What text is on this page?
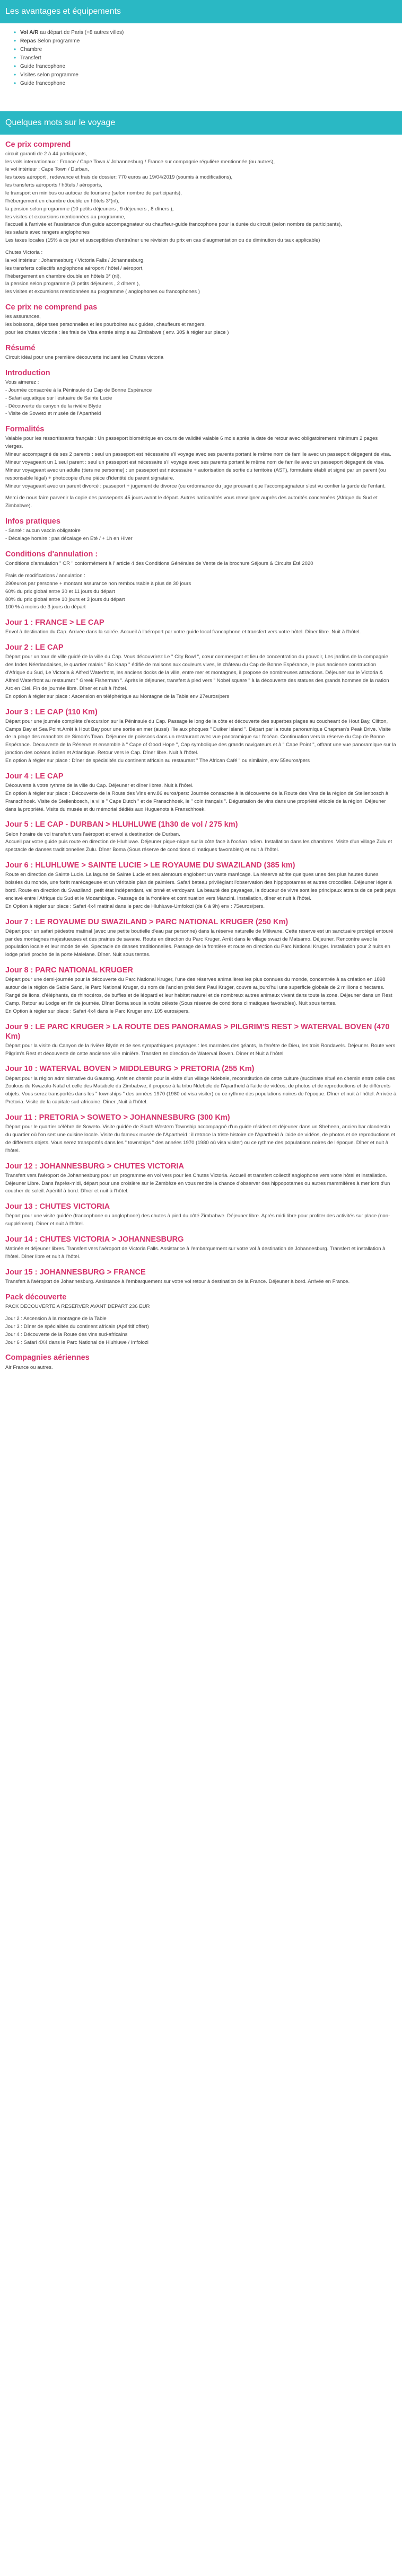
Les avantages et équipements
• Vol A/R au départ de Paris (+8 autres villes)
• Repas Selon programme
• Chambre
• Transfert
• Guide francophone
• Visites selon programme
• Guide francophone
Quelques mots sur le voyage
Ce prix comprend

circuit garanti de 2 à 44 participants,
les vols internationaux : France / Cape Town // Johannesburg / France sur compagnie régulière mentionnée (ou autres),
le vol intérieur : Cape Town / Durban,
les taxes aéroport , redevance et frais de dossier: 770 euros au 19/04/2019 (soumis à modifications),
les transferts aéroports / hôtels / aéroports,
le transport en minibus ou autocar de tourisme (selon nombre de participants),
l'hébergement en chambre double en hôtels 3*(nl),
la pension selon programme (10 petits déjeuners , 9 déjeuners , 8 dîners ),
les visites et excursions mentionnées au programme,
l'accueil à l'arrivée et l'assistance d'un guide accompagnateur ou chauffeur-guide francophone pour la durée du circuit (selon nombre de participants),
les safaris avec rangers anglophones
Les taxes locales (15% à ce jour et susceptibles d'entraîner une révision du prix en cas d'augmentation ou de diminution du taux applicable)

Chutes Victoria :
la vol intérieur : Johannesburg / Victoria Falls / Johannesburg,
les transferts collectifs anglophone aéroport / hôtel / aéroport,
l'hébergement en chambre double en hôtels 3* (nl),
la pension selon programme (3 petits déjeuners , 2 dîners ),
les visites et excursions mentionnées au programme ( anglophones ou francophones )

Ce prix ne comprend pas

les assurances,
les boissons, dépenses personnelles et les pourboires aux guides, chauffeurs et rangers,
pour les chutes victoria : les frais de Visa entrée simple au Zimbabwe ( env. 30$ à régler sur place )

Résumé

Circuit idéal pour une première découverte incluant les Chutes victoria

Introduction

Vous aimerez :
- Journée consacrée à la Péninsule du Cap de Bonne Espérance
- Safari aquatique sur l'estuaire de Sainte Lucie
- Découverte du canyon de la rivière Blyde
- Visite de Soweto et musée de l'Apartheid

Formalités

Valable pour les ressortissants français : Un passeport biométrique en cours de validité valable 6 mois après la date de retour avec obligatoirement minimum 2 pages vierges.
Mineur accompagné de ses 2 parents : seul un passeport est nécessaire s'il voyage avec ses parents portant le même nom de famille avec un passeport dégagent de visa.
Mineur voyageant un 1 seul parent : seul un passeport est nécessaire s'il voyage avec ses parents portant le même nom de famille avec un passeport dégagent de visa.
Mineur voyageant avec un adulte (tiers ne personne) : un passeport est nécessaire + autorisation de sortie du territoire (AST), formulaire établi et signé par un parent (ou responsable légal) + photocopie d'une pièce d'identité du parent signataire.
Mineur voyageant avec un parent divorcé : passeport + jugement de divorce (ou ordonnance du juge prouvant que l'accompagnateur s'est vu confier la garde de l'enfant.

Merci de nous faire parvenir la copie des passeports 45 jours avant le départ. Autres nationalités vous renseigner auprès des autorités concernées (Afrique du Sud et Zimbabwe).

Infos pratiques

- Santé : aucun vaccin obligatoire
- Décalage horaire : pas décalage en Été / + 1h en Hiver

Conditions d'annulation :

Conditions d'annulation " CR " conformément à l' article 4 des Conditions Générales de Vente de la brochure Séjours & Circuits Été 2020

Frais de modifications / annulation :
290euros par personne + montant assurance non remboursable à plus de 30 jours
60% du prix global entre 30 et 11 jours du départ
80% du prix global entre 10 jours et 3 jours du départ
100 % à moins de 3 jours du départ

Jour 1 : FRANCE > LE CAP

Envol à destination du Cap. Arrivée dans la soirée. Accueil à l'aéroport par votre guide local francophone et transfert vers votre hôtel. Dîner libre. Nuit à l'hôtel.

Jour 2 : LE CAP

Départ pour un tour de ville guidé de la ville du Cap. Vous découvrirez Le " City Bowl ", cœur commerçant et lieu de concentration du pouvoir, Les jardins de la compagnie des Indes Néerlandaises, le quartier malais " Bo Kaap " édifié de maisons aux couleurs vives, le château du Cap de Bonne Espérance, le plus ancienne construction d'Afrique du Sud, Le Victoria & Alfred Waterfront, les anciens docks de la ville, entre mer et montagnes, il propose de nombreuses attractions. Déjeuner sur le Victoria & Alfred Waterfront au restaurant " Greek Fisherman ". Après le déjeuner, transfert à pied vers " Nobel square " à la découverte des statues des grands hommes de la nation Arc en Ciel. Fin de journée libre. Dîner et nuit à l'hôtel.
En option à régler sur place : Ascension en téléphérique au Montagne de la Table env 27euros/pers

Jour 3 : LE CAP (110 Km)

Départ pour une journée complète d'excursion sur la Péninsule du Cap. Passage le long de la côte et découverte des superbes plages au coucheant de Hout Bay, Clifton, Camps Bay et Sea Point.Arrêt à Hout Bay pour une sortie en mer (aussi) l'île aux phoques " Duiker Island ". Départ par la route panoramique Chapman's Peak Drive. Visite de la plage des manchots de Simon's Town. Déjeuner de poissons dans un restaurant avec vue panoramique sur l'océan. Continuation vers la réserve du Cap de Bonne Espérance. Découverte de la Réserve et ensemble à " Cape of Good Hope ", Cap symbolique des grands navigateurs et à " Cape Point ", offrant une vue panoramique sur la jonction des océans indien et Atlantique. Retour vers le Cap. Dîner libre. Nuit à l'hôtel.
En option à régler sur place : Dîner de spécialités du continent africain au restaurant " The African Café " ou similaire, env 55euros/pers

Jour 4 : LE CAP

Découverte à votre rythme de la ville du Cap. Déjeuner et dîner libres. Nuit à l'hôtel.
En option à régler sur place : Découverte de la Route des Vins env.86 euros/pers: Journée consacrée à la découverte de la Route des Vins de la région de Stellenbosch à Franschhoek. Visite de Stellenbosch, la ville " Cape Dutch " et de Franschhoek, le " coin français ". Dégustation de vins dans une propriété viticole de la région. Déjeuner dans la propriété. Visite du musée et du mémorial dédiés aux Huguenots à Franschhoek.

Jour 5 : LE CAP - DURBAN > HLUHLUWE (1h30 de vol / 275 km)

Selon horaire de vol transfert vers l'aéroport et envol à destination de Durban.
Accueil par votre guide puis route en direction de Hluhluwe. Déjeuner pique-nique sur la côte face à l'océan indien. Installation dans les chambres. Visite d'un village Zulu et spectacle de danses traditionnelles Zulu. Dîner Boma (Sous réserve de conditions climatiques favorables) et nuit à l'hôtel.

Jour 6 : HLUHLUWE > SAINTE LUCIE > LE ROYAUME DU SWAZILAND (385 km)

Route en direction de Sainte Lucie. La lagune de Sainte Lucie et ses alentours englobent un vaste marécage. La réserve abrite quelques unes des plus hautes dunes boisées du monde, une forêt marécageuse et un véritable plan de palmiers. Safari bateau privilégiant l'observation des hippopotames et autres crocodiles. Déjeuner léger à bord. Route en direction du Swaziland, petit état indépendant, vallonné et verdoyant. La beauté des paysages, la douceur de vivre sont les principaux attraits de ce petit pays enclavé entre l'Afrique du Sud et le Mozambique. Passage de la frontière et continuation vers Manzini. Installation, dîner et nuit à l'hôtel.
En Option à régler sur place : Safari 4x4 matinal dans le parc de Hluhluwe-Umfolozi (de 6 à 9h) env : 75euros/pers.

Jour 7 : LE ROYAUME DU SWAZILAND > PARC NATIONAL KRUGER (250 Km)

Départ pour un safari pédestre matinal (avec une petite boutielle d'eau par personne) dans la réserve naturelle de Mlilwane. Cette réserve est un sanctuaire protégé entouré par des montagnes majestueuses et des prairies de savane. Route en direction du Parc Kruger. Arrêt dans le village swazi de Matsamo. Déjeuner. Rencontre avec la population locale et leur mode de vie. Spectacle de danses traditionnelles. Passage de la frontière et route en direction du Parc National Kruger. Installation pour 2 nuits en lodge privé proche de la porte Malelane. Dîner. Nuit sous tentes.

Jour 8 : PARC NATIONAL KRUGER

Départ pour une demi-journée pour la découverte du Parc National Kruger, l'une des réserves animalières les plus connues du monde, concentrée à sa création en 1898 autour de la région de Sabie Sand, le Parc National Kruger, du nom de l'ancien président Paul Kruger, couvre aujourd'hui une superficie globale de 2 millions d'hectares. Rangé de lions, d'éléphants, de rhinocéros, de buffles et de léopard et leur habitat naturel et de nombreux autres animaux vivant dans toute la zone. Déjeuner dans un Rest Camp. Retour au Lodge en fin de journée. Dîner Boma sous la voûte céleste (Sous réserve de conditions climatiques favorables). Nuit sous tentes.
En Option à régler sur place : Safari 4x4 dans le Parc Kruger env. 105 euros/pers.

Jour 9 : LE PARC KRUGER > LA ROUTE DES PANORAMAS > PILGRIM'S REST > WATERVAL BOVEN (470 Km)

Départ pour la visite du Canyon de la rivière Blyde et de ses sympathiques paysages : les marmites des géants, la fenêtre de Dieu, les trois Rondavels. Déjeuner. Route vers Pilgrim's Rest et découverte de cette ancienne ville minière. Transfert en direction de Waterval Boven. Dîner et Nuit à l'hôtel

Jour 10 : WATERVAL BOVEN > MIDDLEBURG > PRETORIA (255 Km)

Départ pour la région administrative du Gauteng. Arrêt en chemin pour la visite d'un village Ndebele, reconstitution de cette culture (succinate situé en chemin entre celle des Zoulous du Kwazulu-Natal et celle des Matabele du Zimbabwe, il propose à la tribu Ndebele de l'Apartheid à l'aide de vidéos, de photos et de reproductions et de différents objets. Vous serez transportés dans les " townships " des années 1970 (1980 où visa visiter) ou ce rythme des populations noires de l'époque. Dîner et nuit à l'hôtel. Arrivée à Pretoria. Visite de la capitale sud-africaine. Dîner ,Nuit à l'hôtel.

Jour 11 : PRETORIA > SOWETO > JOHANNESBURG (300 Km)

Départ pour le quartier célèbre de Soweto. Visite guidée de South Western Township accompagné d'un guide résident et déjeuner dans un Shebeen, ancien bar clandestin du quartier où l'on sert une cuisine locale. Visite du fameux musée de l'Apartheid : il retrace la triste histoire de l'Apartheid à l'aide de vidéos, de photos et de reproductions et de différents objets. Vous serez transportés dans les " townships " des années 1970 (1980 où visa visiter) ou ce rythme des populations noires de l'époque. Dîner et nuit à l'hôtel.

Jour 12 : JOHANNESBURG > CHUTES VICTORIA

Transfert vers l'aéroport de Johannesburg pour un programme en vol vers pour les Chutes Victoria. Accueil et transfert collectif anglophone vers votre hôtel et installation. Déjeuner Libre. Dans l'après-midi, départ pour une croisière sur le Zambèze en vous rendre la chance d'observer des hippopotames ou autres mammifères à mer lors d'un coucher de soleil. Apéritif à bord. Dîner et nuit à l'hôtel.

Jour 13 : CHUTES VICTORIA

Départ pour une visite guidée (francophone ou anglophone) des chutes à pied du côté Zimbabwe. Déjeuner libre. Après midi libre pour profiter des activités sur place (non-supplément). Dîner et nuit à l'hôtel.

Jour 14 : CHUTES VICTORIA > JOHANNESBURG

Matinée et déjeuner libres. Transfert vers l'aéroport de Victoria Falls. Assistance à l'embarquement sur votre vol à destination de Johannesburg. Transfert et installation à l'hôtel. Dîner libre et nuit à l'hôtel.

Jour 15 : JOHANNESBURG > FRANCE

Transfert à l'aéroport de Johannesburg. Assistance à l'embarquement sur votre vol retour à destination de la France. Déjeuner à bord. Arrivée en France.

Pack découverte

PACK DECOUVERTE A RESERVER AVANT DEPART 236 EUR

Jour 2 : Ascension à la montagne de la Table
Jour 3 : Dîner de spécialités du continent africain (Apéritif offert)
Jour 4 : Découverte de la Route des vins sud-africains
Jour 6 : Safari 4X4 dans le Parc National de Hluhluwe / Imfolozi

Compagnies aériennes

Air France ou autres.
